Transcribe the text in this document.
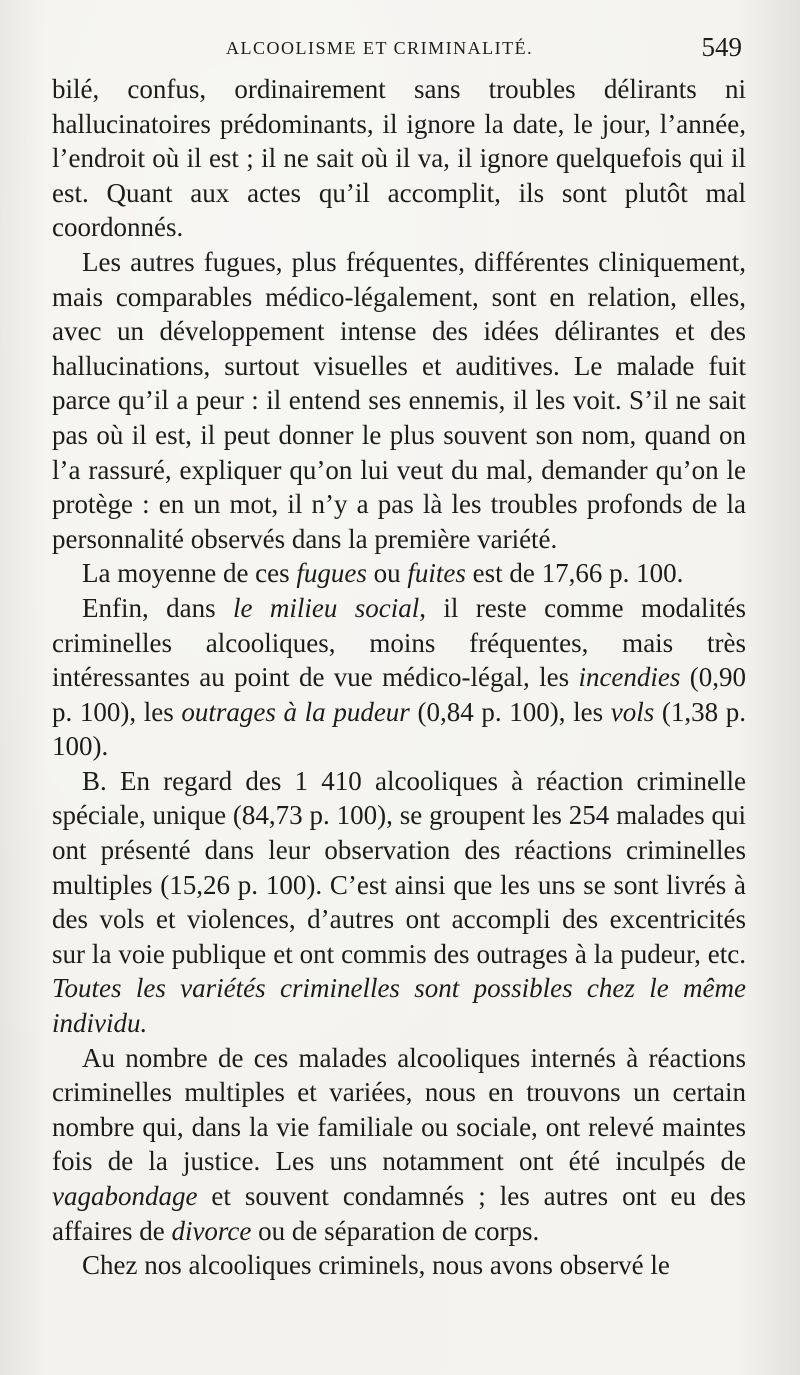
ALCOOLISME ET CRIMINALITÉ.	549

bilé, confus, ordinairement sans troubles délirants ni hallucinatoires prédominants, il ignore la date, le jour, l’année, l’endroit où il est ; il ne sait où il va, il ignore quelquefois qui il est. Quant aux actes qu’il accomplit, ils sont plutôt mal coordonnés.

Les autres fugues, plus fréquentes, différentes cliniquement, mais comparables médico-légalement, sont en relation, elles, avec un développement intense des idées délirantes et des hallucinations, surtout visuelles et auditives. Le malade fuit parce qu’il a peur : il entend ses ennemis, il les voit. S’il ne sait pas où il est, il peut donner le plus souvent son nom, quand on l’a rassuré, expliquer qu’on lui veut du mal, demander qu’on le protège : en un mot, il n’y a pas là les troubles profonds de la personnalité observés dans la première variété.

La moyenne de ces fugues ou fuites est de 17,66 p. 100.

Enfin, dans le milieu social, il reste comme modalités criminelles alcooliques, moins fréquentes, mais très intéressantes au point de vue médico-légal, les incendies (0,90 p. 100), les outrages à la pudeur (0,84 p. 100), les vols (1,38 p. 100).

B. En regard des 1 410 alcooliques à réaction criminelle spéciale, unique (84,73 p. 100), se groupent les 254 malades qui ont présenté dans leur observation des réactions criminelles multiples (15,26 p. 100). C’est ainsi que les uns se sont livrés à des vols et violences, d’autres ont accompli des excentricités sur la voie publique et ont commis des outrages à la pudeur, etc. Toutes les variétés criminelles sont possibles chez le même individu.

Au nombre de ces malades alcooliques internés à réactions criminelles multiples et variées, nous en trouvons un certain nombre qui, dans la vie familiale ou sociale, ont relevé maintes fois de la justice. Les uns notamment ont été inculpés de vagabondage et souvent condamnés ; les autres ont eu des affaires de divorce ou de séparation de corps.

Chez nos alcooliques criminels, nous avons observé le
